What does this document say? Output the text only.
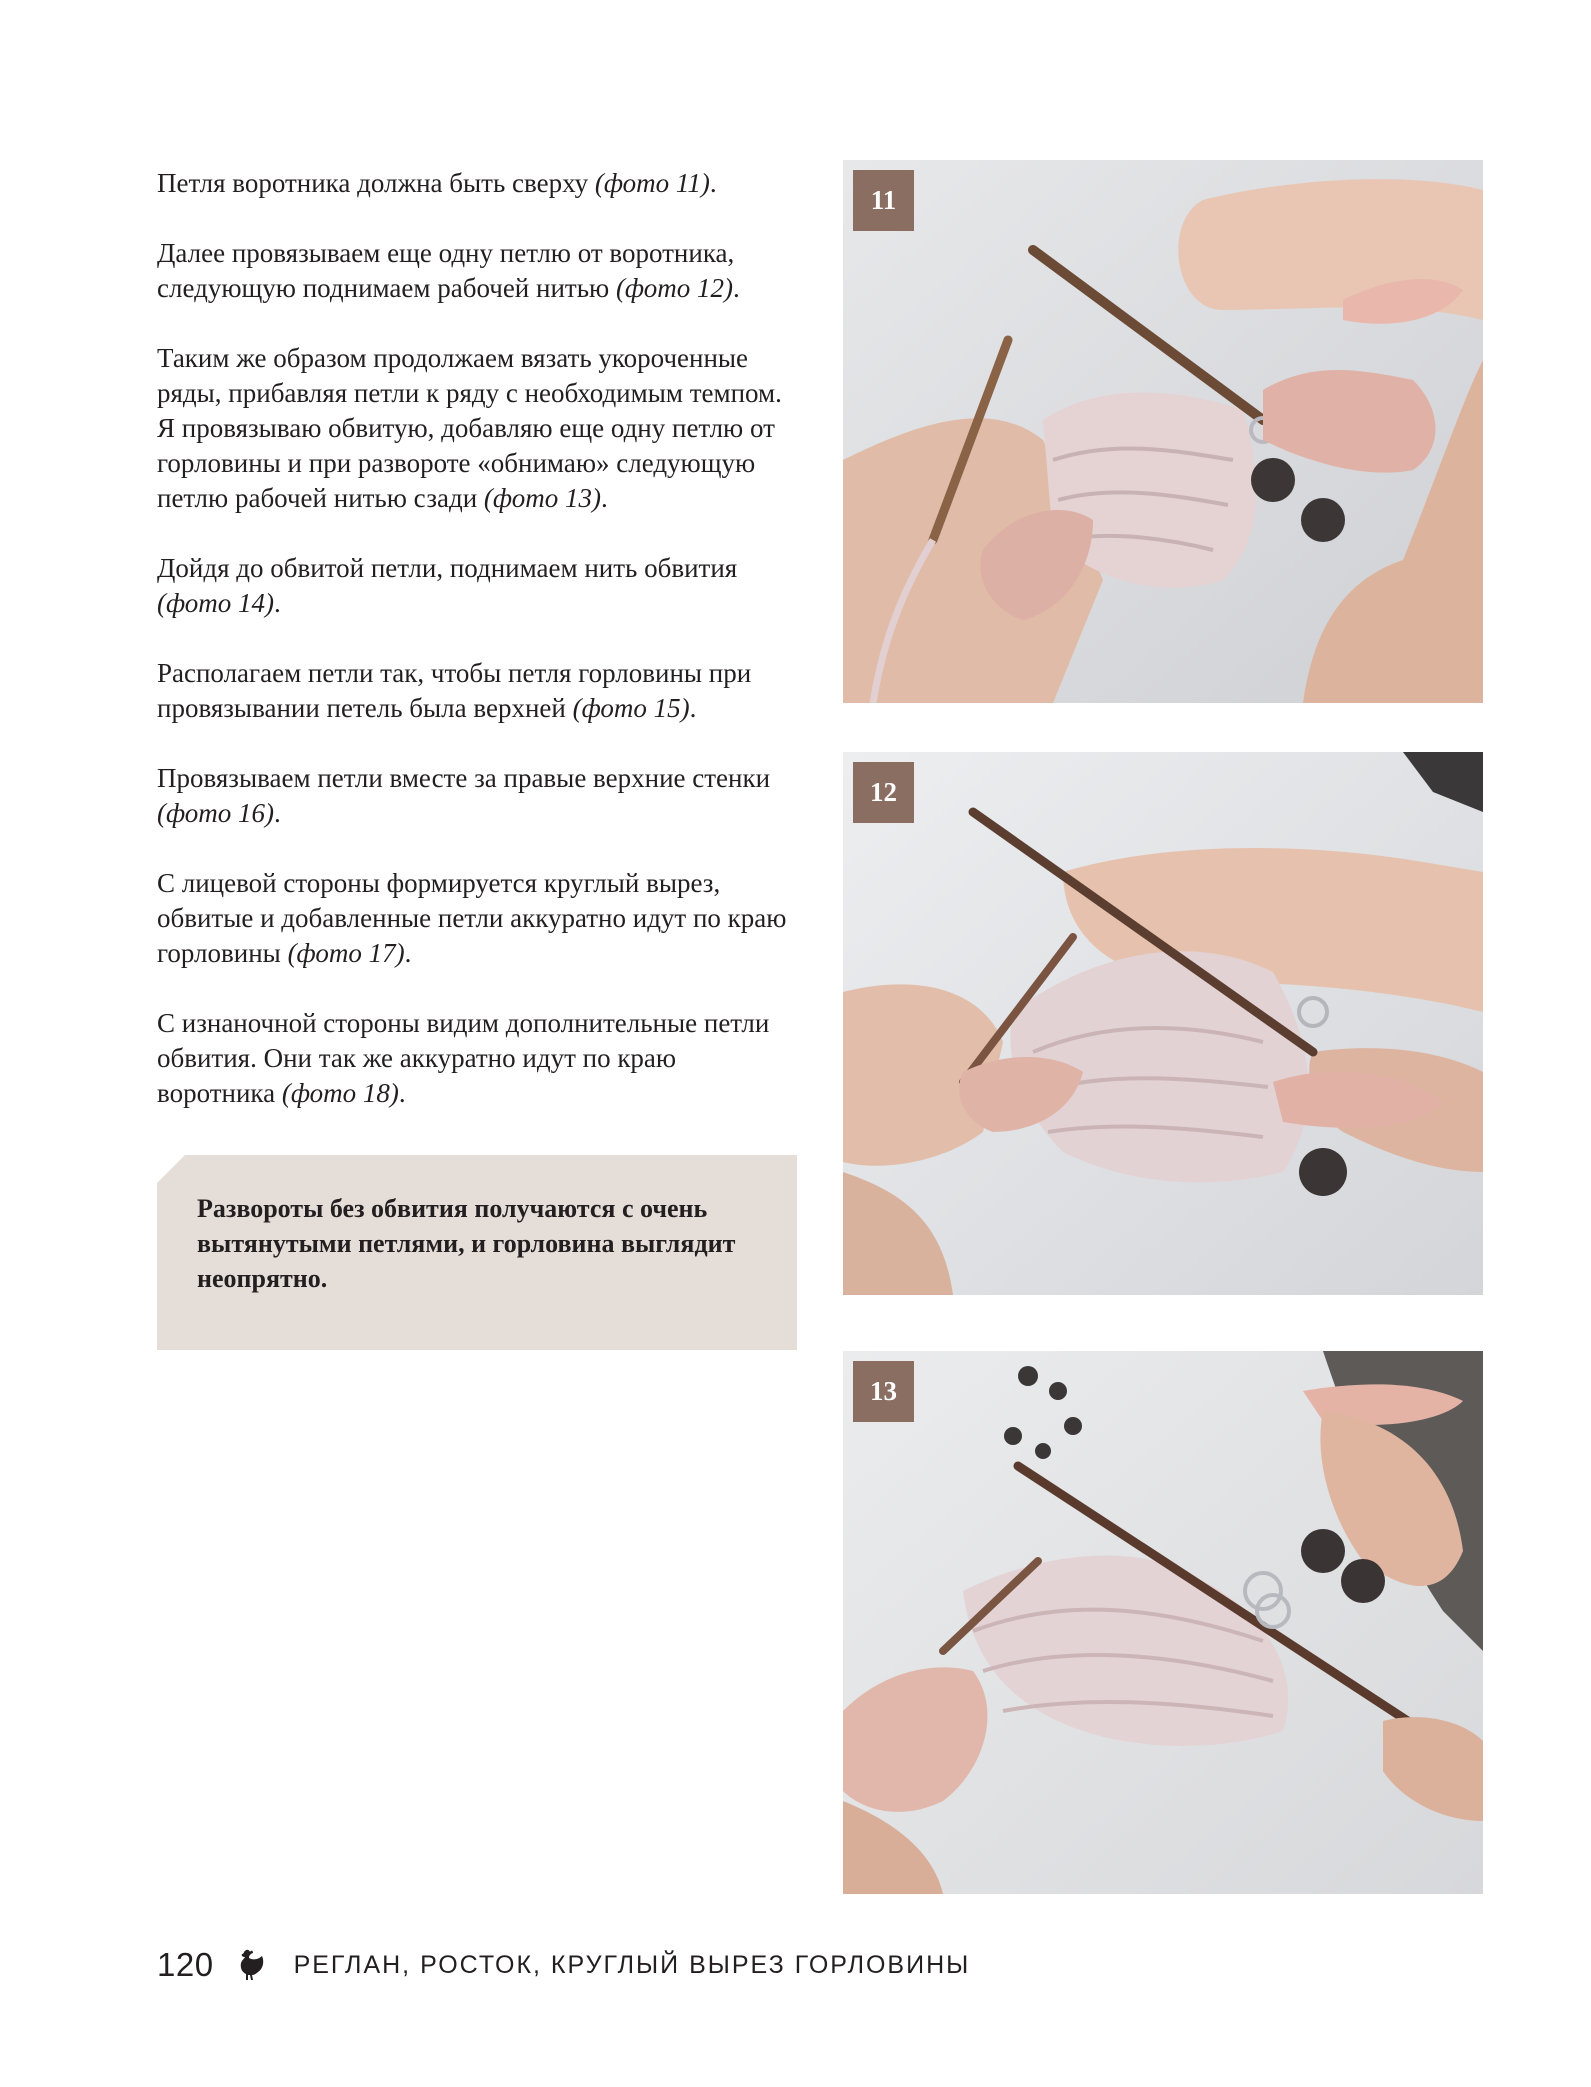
Петля воротника должна быть сверху (фото 11).

Далее провязываем еще одну петлю от воротника, следующую поднимаем рабочей нитью (фото 12).

Таким же образом продолжаем вязать укороченные ряды, прибавляя петли к ряду с необходимым темпом. Я провязываю обвитую, добавляю еще одну петлю от горловины и при развороте «обнимаю» следующую петлю рабочей нитью сзади (фото 13).

Дойдя до обвитой петли, поднимаем нить обвития (фото 14).

Располагаем петли так, чтобы петля горловины при провязывании петель была верхней (фото 15).

Провязываем петли вместе за правые верхние стенки (фото 16).

С лицевой стороны формируется круглый вырез, обвитые и добавленные петли аккуратно идут по краю горловины (фото 17).

С изнаночной стороны видим дополнительные петли обвития. Они так же аккуратно идут по краю воротника (фото 18).

Развороты без обвития получаются с очень вытянутыми петлями, и горловина выглядит неопрятно.

11
12
13
120	РЕГЛАН, РОСТОК, КРУГЛЫЙ ВЫРЕЗ ГОРЛОВИНЫ
